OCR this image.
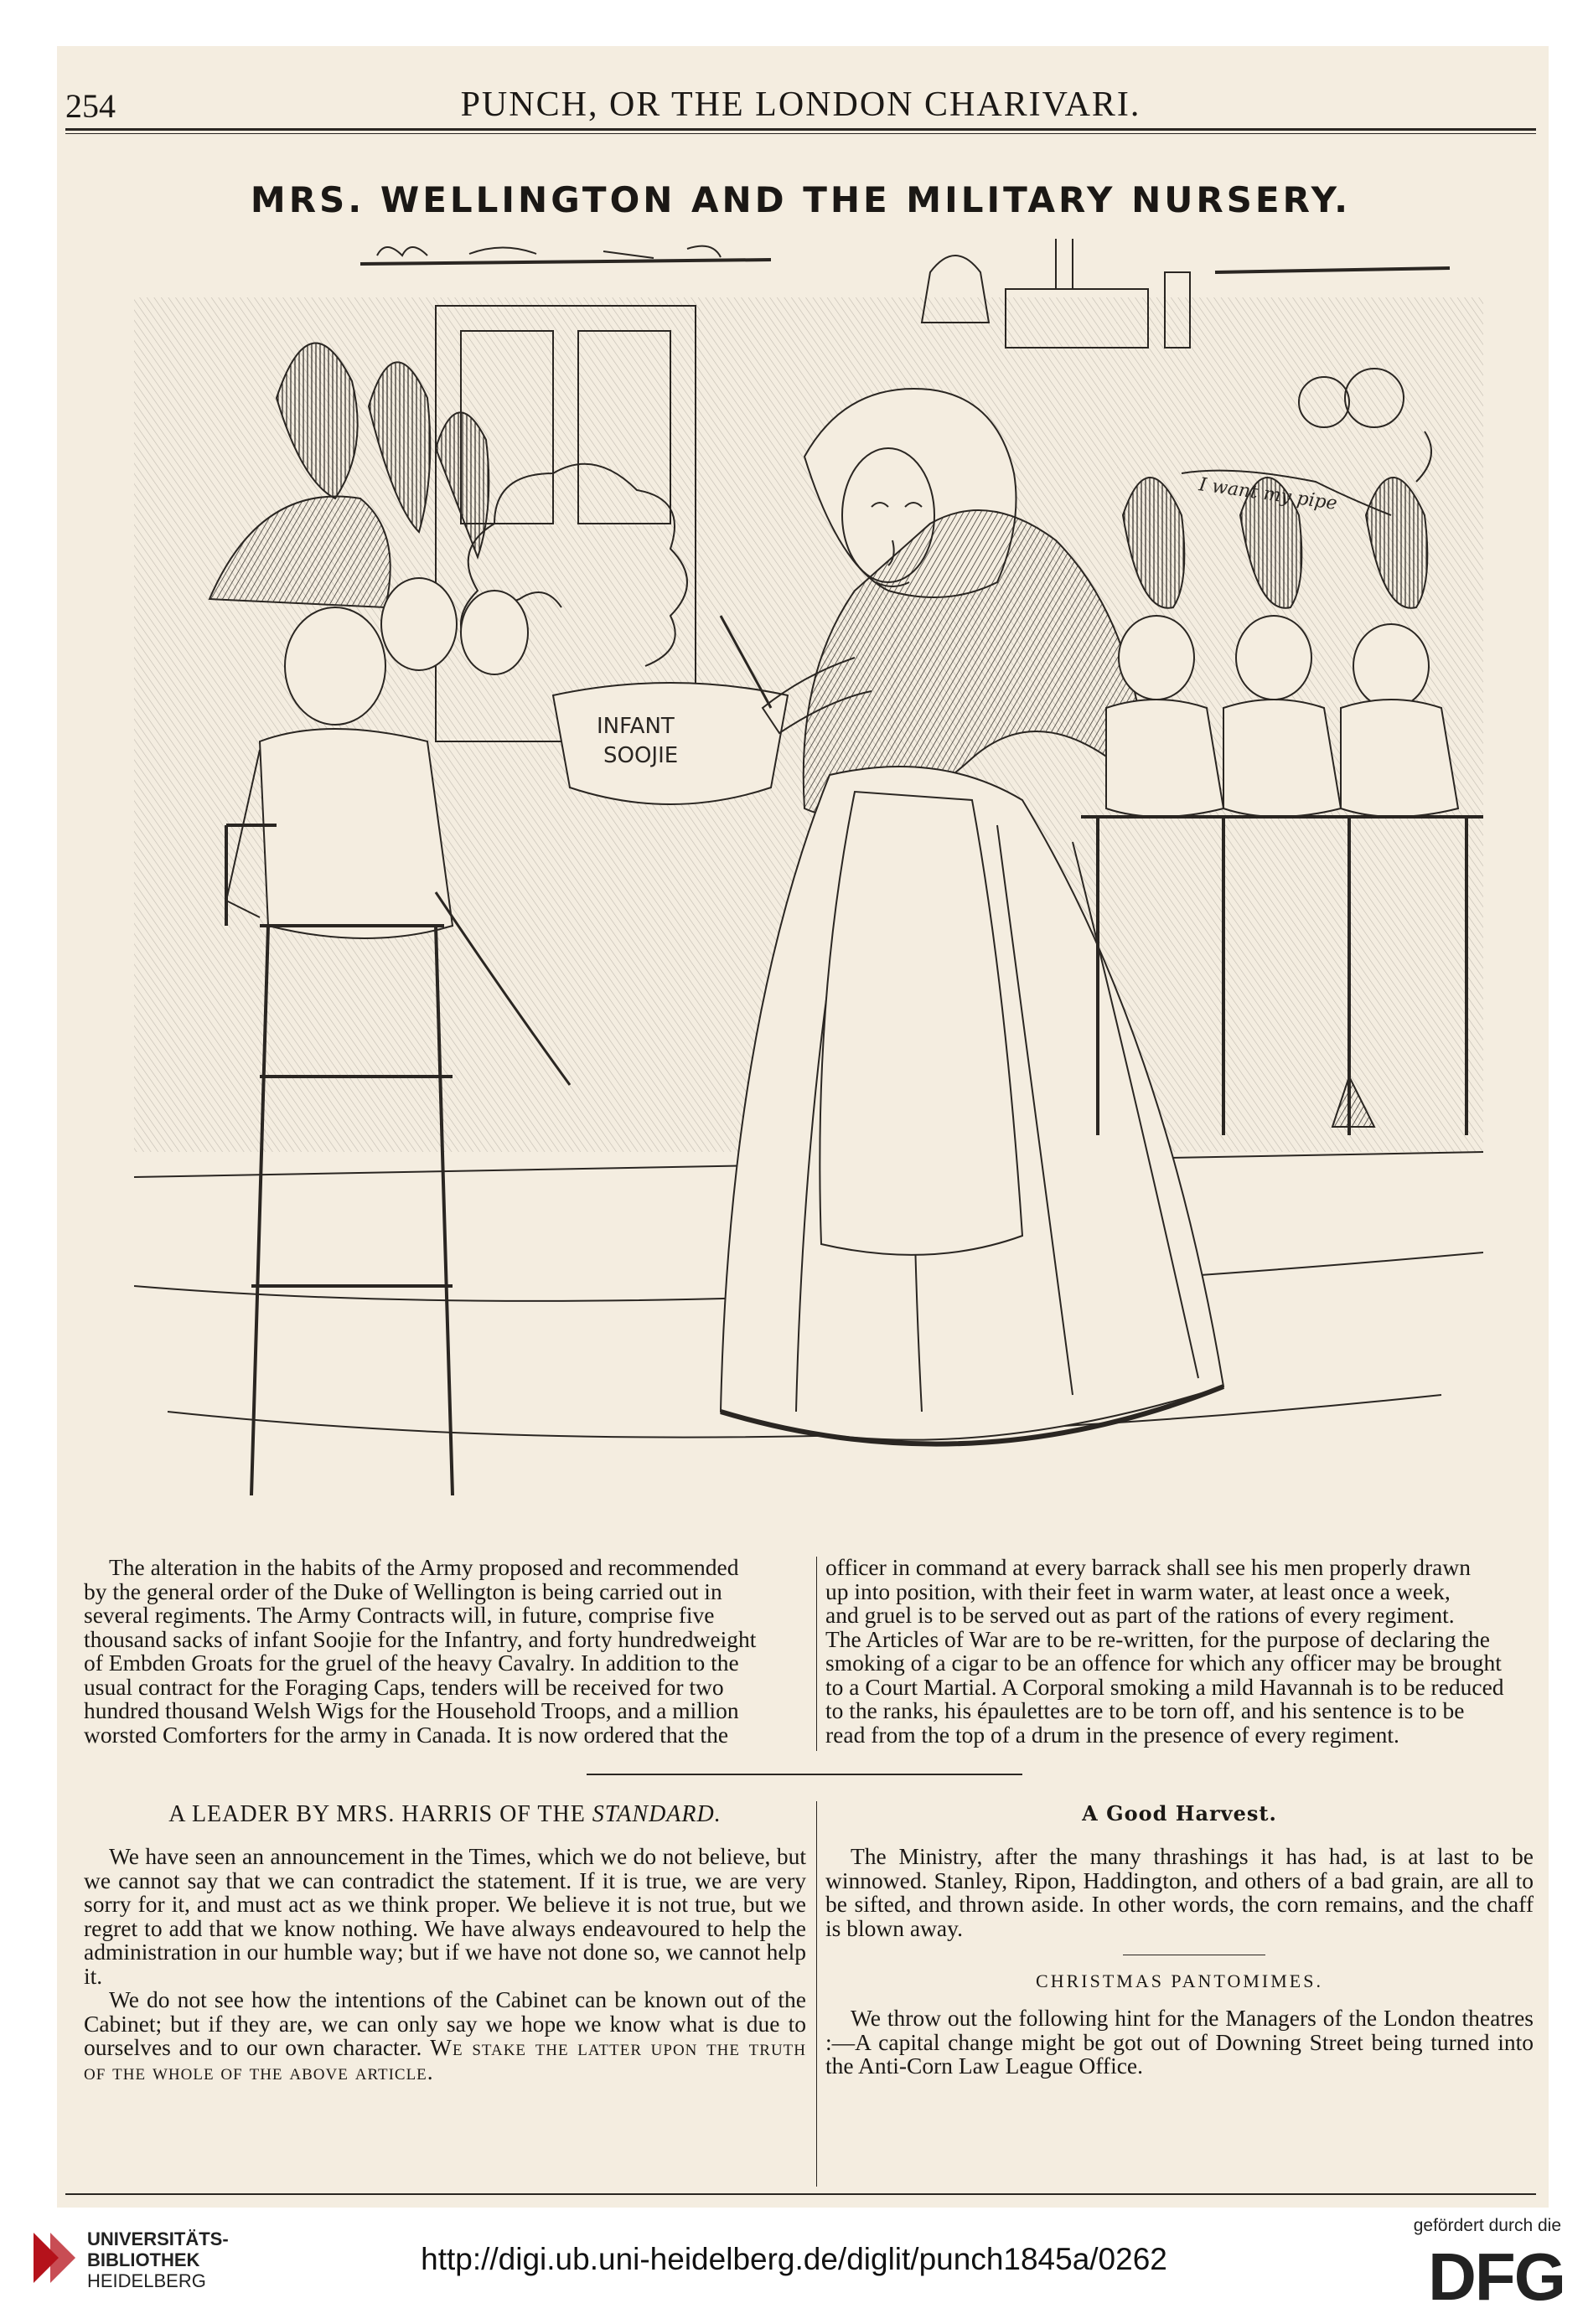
254	PUNCH, OR THE LONDON CHARIVARI.
MRS. WELLINGTON AND THE MILITARY NURSERY.
INFANT
SOOJIE
I want my pipe
The alteration in the habits of the Army proposed and recommended
by the general order of the Duke of Wellington is being carried out in
several regiments. The Army Contracts will, in future, comprise five
thousand sacks of infant Soojie for the Infantry, and forty hundredweight
of Embden Groats for the gruel of the heavy Cavalry. In addition to the
usual contract for the Foraging Caps, tenders will be received for two
hundred thousand Welsh Wigs for the Household Troops, and a million
worsted Comforters for the army in Canada. It is now ordered that the
officer in command at every barrack shall see his men properly drawn
up into position, with their feet in warm water, at least once a week,
and gruel is to be served out as part of the rations of every regiment.
The Articles of War are to be re-written, for the purpose of declaring the
smoking of a cigar to be an offence for which any officer may be brought
to a Court Martial. A Corporal smoking a mild Havannah is to be reduced
to the ranks, his épaulettes are to be torn off, and his sentence is to be
read from the top of a drum in the presence of every regiment.
A LEADER BY MRS. HARRIS OF THE STANDARD.

We have seen an announcement in the Times, which we do not believe, but we cannot say that we can contradict the statement. If it is true, we are very sorry for it, and must act as we think proper. We believe it is not true, but we regret to add that we know nothing. We have always endeavoured to help the administration in our humble way; but if we have not done so, we cannot help it.

We do not see how the intentions of the Cabinet can be known out of the Cabinet; but if they are, we can only say we hope we know what is due to ourselves and to our own character. We stake the latter upon the truth of the whole of the above article.

A Good Harvest.

The Ministry, after the many thrashings it has had, is at last to be winnowed. Stanley, Ripon, Haddington, and others of a bad grain, are all to be sifted, and thrown aside. In other words, the corn remains, and the chaff is blown away.

CHRISTMAS PANTOMIMES.

We throw out the following hint for the Managers of the London theatres :—A capital change might be got out of Downing Street being turned into the Anti-Corn Law League Office.

UNIVERSITÄTS-
BIBLIOTHEK
HEIDELBERG
http://digi.ub.uni-heidelberg.de/diglit/punch1845a/0262
gefördert durch die
DFG
